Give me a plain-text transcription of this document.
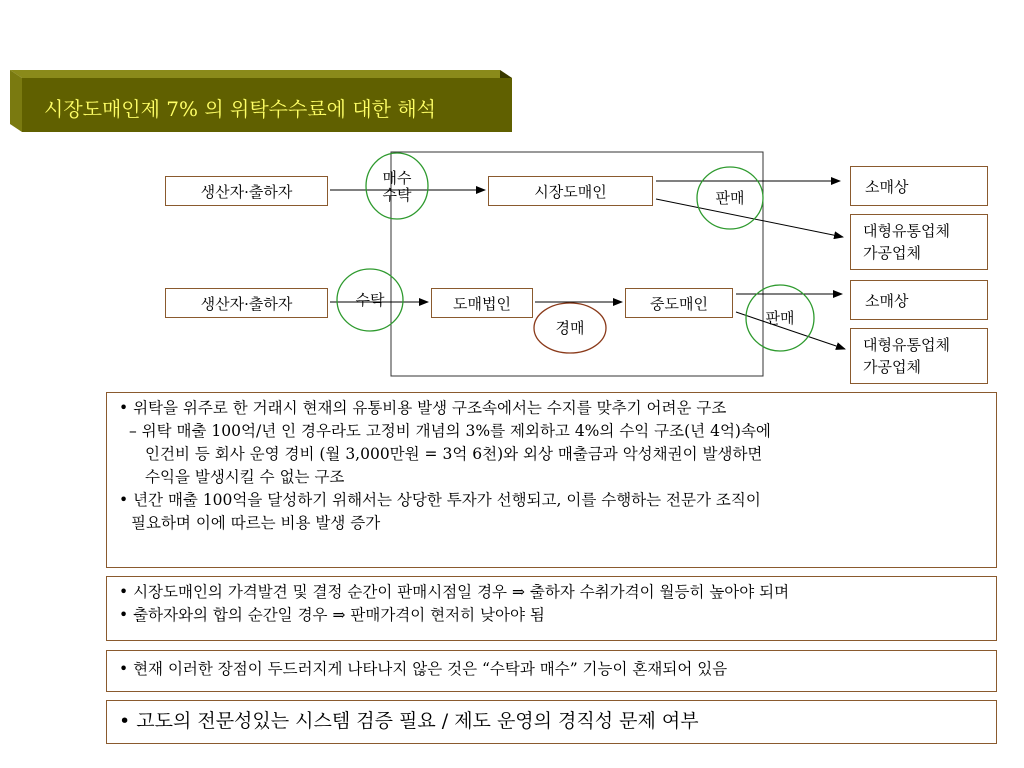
시장도매인제 7% 의 위탁수수료에 대한 해석
생산자·출하자	시장도매인	소매상
대형유통업체
가공업체
생산자·출하자	도매법인	중도매인	소매상
대형유통업체
가공업체
매수
수탁	판매
수탁
경매
판매
• 위탁을 위주로 한 거래시 현재의 유통비용 발생 구조속에서는 수지를 맞추기 어려운 구조
– 위탁 매출 100억/년 인 경우라도 고정비 개념의 3%를 제외하고 4%의 수익 구조(년 4억)속에
인건비 등 회사 운영 경비 (월 3,000만원 = 3억 6천)와 외상 매출금과 악성채권이 발생하면
수익을 발생시킬 수 없는 구조
• 년간 매출 100억을 달성하기 위해서는 상당한 투자가 선행되고, 이를 수행하는 전문가 조직이
필요하며 이에 따르는 비용 발생 증가
• 시장도매인의 가격발견 및 결정 순간이 판매시점일 경우 ⇒ 출하자 수취가격이 월등히 높아야 되며
• 출하자와의 합의 순간일 경우 ⇒ 판매가격이 현저히 낮아야 됨
• 현재 이러한 장점이 두드러지게 나타나지 않은 것은 “수탁과 매수” 기능이 혼재되어 있음
• 고도의 전문성있는 시스템 검증 필요 / 제도 운영의 경직성 문제 여부
